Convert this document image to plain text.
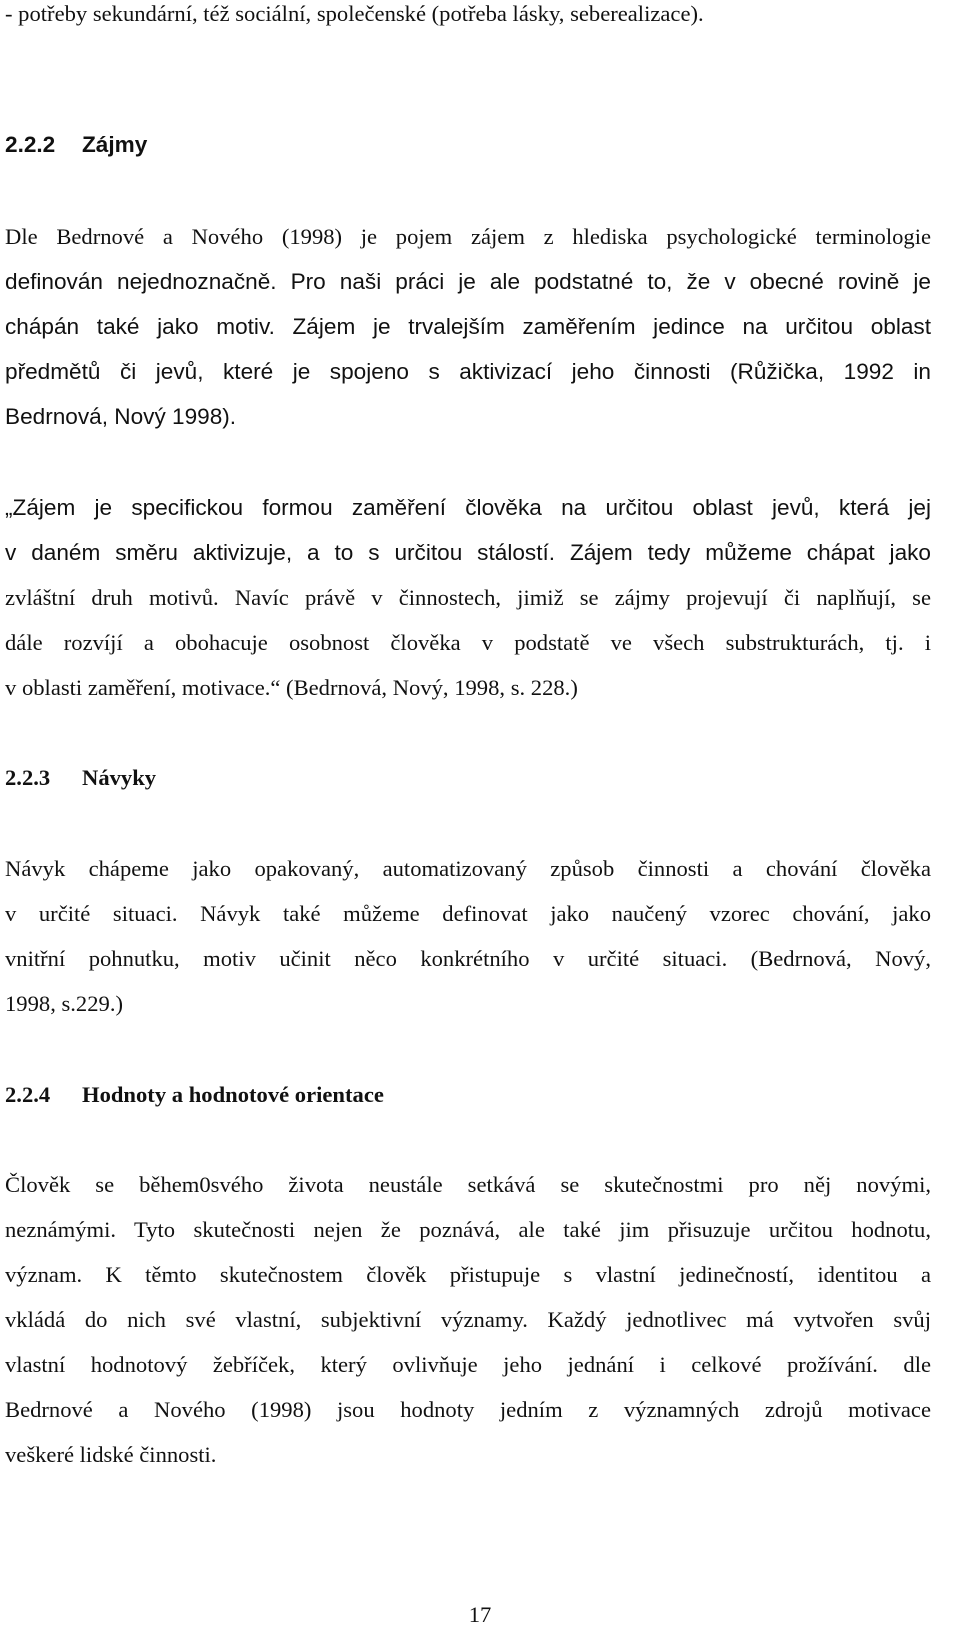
- potřeby sekundární, též sociální, společenské (potřeba lásky, seberealizace).
2.2.2 Zájmy
Dle Bedrnové a Nového (1998) je pojem zájem z hlediska psychologické terminologie
definován nejednoznačně. Pro naši práci je ale podstatné to, že v obecné rovině je
chápán také jako motiv. Zájem je trvalejším zaměřením jedince na určitou oblast
předmětů či jevů, které je spojeno s aktivizací jeho činnosti (Růžička, 1992 in
Bedrnová, Nový 1998).
„Zájem je specifickou formou zaměření člověka na určitou oblast jevů, která jej
v daném směru aktivizuje, a to s určitou stálostí. Zájem tedy můžeme chápat jako
zvláštní druh motivů. Navíc právě v činnostech, jimiž se zájmy projevují či naplňují, se
dále rozvíjí a obohacuje osobnost člověka v podstatě ve všech substrukturách, tj. i
v oblasti zaměření, motivace.“ (Bedrnová, Nový, 1998, s. 228.)
2.2.3 Návyky
Návyk chápeme jako opakovaný, automatizovaný způsob činnosti a chování člověka
v určité situaci. Návyk také můžeme definovat jako naučený vzorec chování, jako
vnitřní pohnutku, motiv učinit něco konkrétního v určité situaci. (Bedrnová, Nový,
1998, s.229.)
2.2.4 Hodnoty a hodnotové orientace
Člověk se během0svého života neustále setkává se skutečnostmi pro něj novými,
neznámými. Tyto skutečnosti nejen že poznává, ale také jim přisuzuje určitou hodnotu,
význam. K těmto skutečnostem člověk přistupuje s vlastní jedinečností, identitou a
vkládá do nich své vlastní, subjektivní významy. Každý jednotlivec má vytvořen svůj
vlastní hodnotový žebříček, který ovlivňuje jeho jednání i celkové prožívání. dle
Bedrnové a Nového (1998) jsou hodnoty jedním z významných zdrojů motivace
veškeré lidské činnosti.
17
